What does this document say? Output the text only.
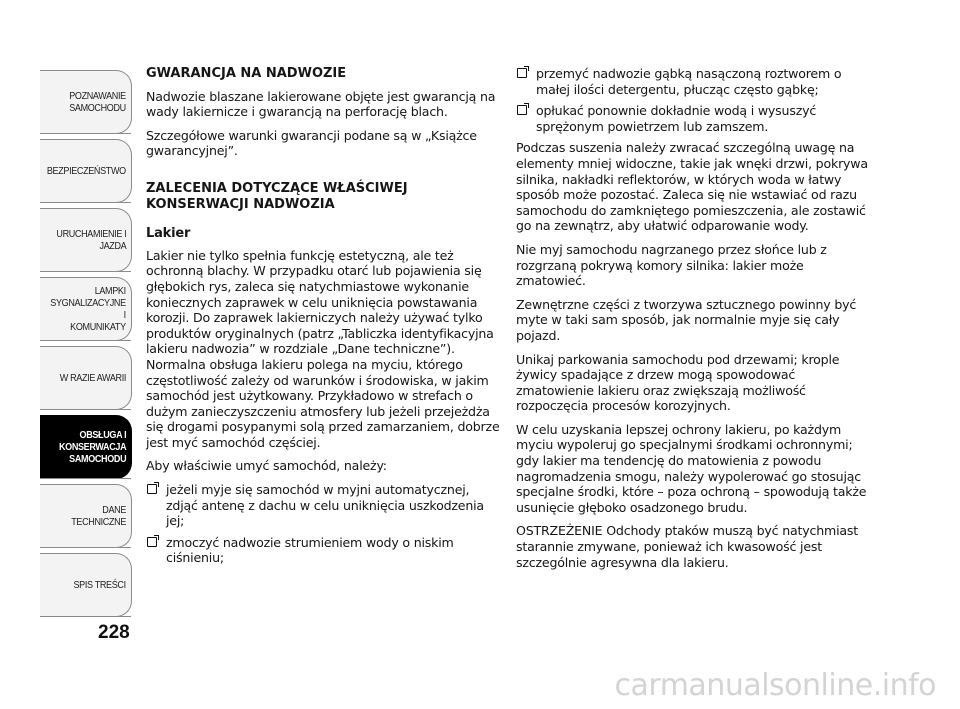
POZNAWANIE
SAMOCHODU
BEZPIECZEŃSTWO
URUCHAMIENIE I
JAZDA
LAMPKI
SYGNALIZACYJNE I
KOMUNIKATY
W RAZIE AWARII
OBSŁUGA I
KONSERWACJA
SAMOCHODU
DANE TECHNICZNE
SPIS TREŚCI
228
GWARANCJA NA NADWOZIE

Nadwozie blaszane lakierowane objęte jest gwarancją na wady lakiernicze i gwarancją na perforację blach.

Szczegółowe warunki gwarancji podane są w „Książce gwarancyjnej”.

ZALECENIA DOTYCZĄCE WŁAŚCIWEJ KONSERWACJI NADWOZIA
Lakier

Lakier nie tylko spełnia funkcję estetyczną, ale też ochronną blachy. W przypadku otarć lub pojawienia się głębokich rys, zaleca się natychmiastowe wykonanie koniecznych zaprawek w celu uniknięcia powstawania korozji. Do zaprawek lakierniczych należy używać tylko produktów oryginalnych (patrz „Tabliczka identyfikacyjna lakieru nadwozia” w rozdziale „Dane techniczne”). Normalna obsługa lakieru polega na myciu, którego częstotliwość zależy od warunków i środowiska, w jakim samochód jest użytkowany. Przykładowo w strefach o dużym zanieczyszczeniu atmosfery lub jeżeli przejeżdża się drogami posypanymi solą przed zamarzaniem, dobrze jest myć samochód częściej.

Aby właściwie umyć samochód, należy:

jeżeli myje się samochód w myjni automatycznej, zdjąć antenę z dachu w celu uniknięcia uszkodzenia jej;
zmoczyć nadwozie strumieniem wody o niskim ciśnieniu;
przemyć nadwozie gąbką nasączoną roztworem o małej ilości detergentu, płucząc często gąbkę;
opłukać ponownie dokładnie wodą i wysuszyć sprężonym powietrzem lub zamszem.

Podczas suszenia należy zwracać szczególną uwagę na elementy mniej widoczne, takie jak wnęki drzwi, pokrywa silnika, nakładki reflektorów, w których woda w łatwy sposób może pozostać. Zaleca się nie wstawiać od razu samochodu do zamkniętego pomieszczenia, ale zostawić go na zewnątrz, aby ułatwić odparowanie wody.

Nie myj samochodu nagrzanego przez słońce lub z rozgrzaną pokrywą komory silnika: lakier może zmatowieć.

Zewnętrzne części z tworzywa sztucznego powinny być myte w taki sam sposób, jak normalnie myje się cały pojazd.

Unikaj parkowania samochodu pod drzewami; krople żywicy spadające z drzew mogą spowodować zmatowienie lakieru oraz zwiększają możliwość rozpoczęcia procesów korozyjnych.

W celu uzyskania lepszej ochrony lakieru, po każdym myciu wypoleruj go specjalnymi środkami ochronnymi; gdy lakier ma tendencję do matowienia z powodu nagromadzenia smogu, należy wypolerować go stosując specjalne środki, które – poza ochroną – spowodują także usunięcie głęboko osadzonego brudu.

OSTRZEŻENIE Odchody ptaków muszą być natychmiast starannie zmywane, ponieważ ich kwasowość jest szczególnie agresywna dla lakieru.

carmanualsonline.info
